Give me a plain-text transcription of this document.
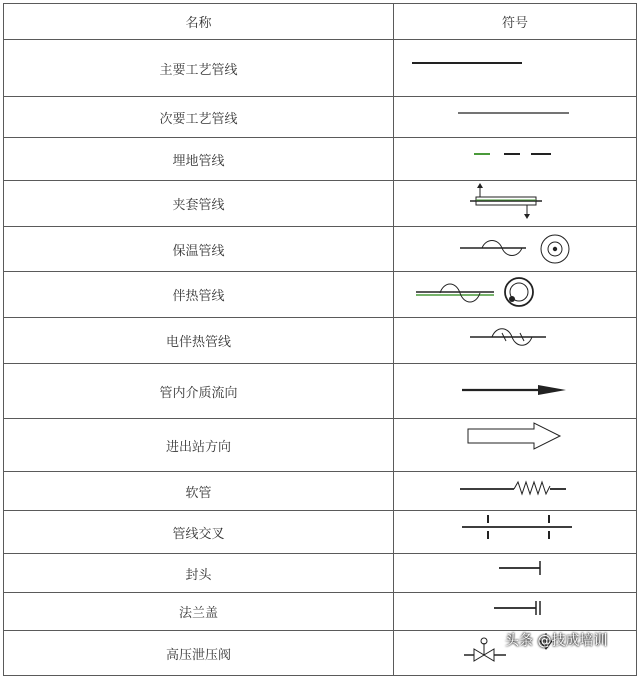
名称	符号
主要工艺管线	

次要工艺管线	

埋地管线	

夹套管线	

保温管线	

伴热管线	

电伴热管线	

管内介质流向	

进出站方向	

软管	

管线交叉	

封头	

法兰盖	

高压泄压阀	
头条 @技成培训
